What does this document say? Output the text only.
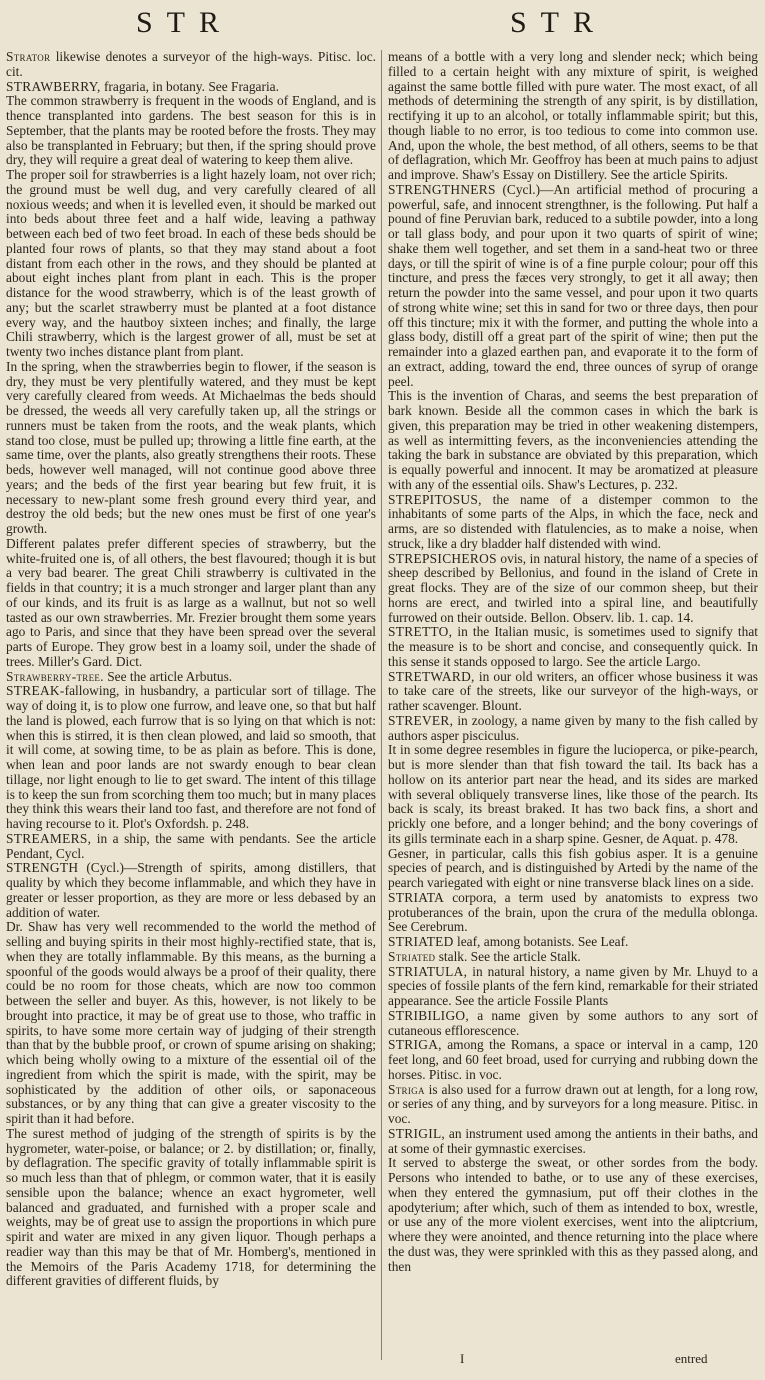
STR	STR

Strator likewise denotes a surveyor of the high-ways. Pitisc. loc. cit.

STRAWBERRY, fragaria, in botany. See Fragaria.

The common strawberry is frequent in the woods of England, and is thence transplanted into gardens. The best season for this is in September, that the plants may be rooted before the frosts. They may also be transplanted in February; but then, if the spring should prove dry, they will require a great deal of watering to keep them alive.

The proper soil for strawberries is a light hazely loam, not over rich; the ground must be well dug, and very carefully cleared of all noxious weeds; and when it is levelled even, it should be marked out into beds about three feet and a half wide, leaving a pathway between each bed of two feet broad. In each of these beds should be planted four rows of plants, so that they may stand about a foot distant from each other in the rows, and they should be planted at about eight inches plant from plant in each. This is the proper distance for the wood strawberry, which is of the least growth of any; but the scarlet strawberry must be planted at a foot distance every way, and the hautboy sixteen inches; and finally, the large Chili strawberry, which is the largest grower of all, must be set at twenty two inches distance plant from plant.

In the spring, when the strawberries begin to flower, if the season is dry, they must be very plentifully watered, and they must be kept very carefully cleared from weeds. At Michaelmas the beds should be dressed, the weeds all very carefully taken up, all the strings or runners must be taken from the roots, and the weak plants, which stand too close, must be pulled up; throwing a little fine earth, at the same time, over the plants, also greatly strengthens their roots. These beds, however well managed, will not continue good above three years; and the beds of the first year bearing but few fruit, it is necessary to new-plant some fresh ground every third year, and destroy the old beds; but the new ones must be first of one year's growth.

Different palates prefer different species of strawberry, but the white-fruited one is, of all others, the best flavoured; though it is but a very bad bearer. The great Chili strawberry is cultivated in the fields in that country; it is a much stronger and larger plant than any of our kinds, and its fruit is as large as a wallnut, but not so well tasted as our own strawberries. Mr. Frezier brought them some years ago to Paris, and since that they have been spread over the several parts of Europe. They grow best in a loamy soil, under the shade of trees. Miller's Gard. Dict.

Strawberry-tree. See the article Arbutus.

STREAK-fallowing, in husbandry, a particular sort of tillage. The way of doing it, is to plow one furrow, and leave one, so that but half the land is plowed, each furrow that is so lying on that which is not: when this is stirred, it is then clean plowed, and laid so smooth, that it will come, at sowing time, to be as plain as before. This is done, when lean and poor lands are not swardy enough to bear clean tillage, nor light enough to lie to get sward. The intent of this tillage is to keep the sun from scorching them too much; but in many places they think this wears their land too fast, and therefore are not fond of having recourse to it. Plot's Oxfordsh. p. 248.

STREAMERS, in a ship, the same with pendants. See the article Pendant, Cycl.

STRENGTH (Cycl.)—Strength of spirits, among distillers, that quality by which they become inflammable, and which they have in greater or lesser proportion, as they are more or less debased by an addition of water.

Dr. Shaw has very well recommended to the world the method of selling and buying spirits in their most highly-rectified state, that is, when they are totally inflammable. By this means, as the burning a spoonful of the goods would always be a proof of their quality, there could be no room for those cheats, which are now too common between the seller and buyer. As this, however, is not likely to be brought into practice, it may be of great use to those, who traffic in spirits, to have some more certain way of judging of their strength than that by the bubble proof, or crown of spume arising on shaking; which being wholly owing to a mixture of the essential oil of the ingredient from which the spirit is made, with the spirit, may be sophisticated by the addition of other oils, or saponaceous substances, or by any thing that can give a greater viscosity to the spirit than it had before.

The surest method of judging of the strength of spirits is by the hygrometer, water-poise, or balance; or 2. by distillation; or, finally, by deflagration. The specific gravity of totally inflammable spirit is so much less than that of phlegm, or common water, that it is easily sensible upon the balance; whence an exact hygrometer, well balanced and graduated, and furnished with a proper scale and weights, may be of great use to assign the proportions in which pure spirit and water are mixed in any given liquor. Though perhaps a readier way than this may be that of Mr. Homberg's, mentioned in the Memoirs of the Paris Academy 1718, for determining the different gravities of different fluids, by

means of a bottle with a very long and slender neck; which being filled to a certain height with any mixture of spirit, is weighed against the same bottle filled with pure water. The most exact, of all methods of determining the strength of any spirit, is by distillation, rectifying it up to an alcohol, or totally inflammable spirit; but this, though liable to no error, is too tedious to come into common use. And, upon the whole, the best method, of all others, seems to be that of deflagration, which Mr. Geoffroy has been at much pains to adjust and improve. Shaw's Essay on Distillery. See the article Spirits.

STRENGTHNERS (Cycl.)—An artificial method of procuring a powerful, safe, and innocent strengthner, is the following. Put half a pound of fine Peruvian bark, reduced to a subtile powder, into a long or tall glass body, and pour upon it two quarts of spirit of wine; shake them well together, and set them in a sand-heat two or three days, or till the spirit of wine is of a fine purple colour; pour off this tincture, and press the fæces very strongly, to get it all away; then return the powder into the same vessel, and pour upon it two quarts of strong white wine; set this in sand for two or three days, then pour off this tincture; mix it with the former, and putting the whole into a glass body, distill off a great part of the spirit of wine; then put the remainder into a glazed earthen pan, and evaporate it to the form of an extract, adding, toward the end, three ounces of syrup of orange peel.

This is the invention of Charas, and seems the best preparation of bark known. Beside all the common cases in which the bark is given, this preparation may be tried in other weakening distempers, as well as intermitting fevers, as the inconveniencies attending the taking the bark in substance are obviated by this preparation, which is equally powerful and innocent. It may be aromatized at pleasure with any of the essential oils. Shaw's Lectures, p. 232.

STREPITOSUS, the name of a distemper common to the inhabitants of some parts of the Alps, in which the face, neck and arms, are so distended with flatulencies, as to make a noise, when struck, like a dry bladder half distended with wind.

STREPSICHEROS ovis, in natural history, the name of a species of sheep described by Bellonius, and found in the island of Crete in great flocks. They are of the size of our common sheep, but their horns are erect, and twirled into a spiral line, and beautifully furrowed on their outside. Bellon. Observ. lib. 1. cap. 14.

STRETTO, in the Italian music, is sometimes used to signify that the measure is to be short and concise, and consequently quick. In this sense it stands opposed to largo. See the article Largo.

STRETWARD, in our old writers, an officer whose business it was to take care of the streets, like our surveyor of the high-ways, or rather scavenger. Blount.

STREVER, in zoology, a name given by many to the fish called by authors asper pisciculus.

It in some degree resembles in figure the lucioperca, or pike-pearch, but is more slender than that fish toward the tail. Its back has a hollow on its anterior part near the head, and its sides are marked with several obliquely transverse lines, like those of the pearch. Its back is scaly, its breast braked. It has two back fins, a short and prickly one before, and a longer behind; and the bony coverings of its gills terminate each in a sharp spine. Gesner, de Aquat. p. 478.

Gesner, in particular, calls this fish gobius asper. It is a genuine species of pearch, and is distinguished by Artedi by the name of the pearch variegated with eight or nine transverse black lines on a side.

STRIATA corpora, a term used by anatomists to express two protuberances of the brain, upon the crura of the medulla oblonga. See Cerebrum.

STRIATED leaf, among botanists. See Leaf.

Striated stalk. See the article Stalk.

STRIATULA, in natural history, a name given by Mr. Lhuyd to a species of fossile plants of the fern kind, remarkable for their striated appearance. See the article Fossile Plants

STRIBILIGO, a name given by some authors to any sort of cutaneous efflorescence.

STRIGA, among the Romans, a space or interval in a camp, 120 feet long, and 60 feet broad, used for currying and rubbing down the horses. Pitisc. in voc.

Striga is also used for a furrow drawn out at length, for a long row, or series of any thing, and by surveyors for a long measure. Pitisc. in voc.

STRIGIL, an instrument used among the antients in their baths, and at some of their gymnastic exercises.

It served to absterge the sweat, or other sordes from the body. Persons who intended to bathe, or to use any of these exercises, when they entered the gymnasium, put off their clothes in the apodyterium; after which, such of them as intended to box, wrestle, or use any of the more violent exercises, went into the aliptcrium, where they were anointed, and thence returning into the place where the dust was, they were sprinkled with this as they passed along, and then

I	entred
